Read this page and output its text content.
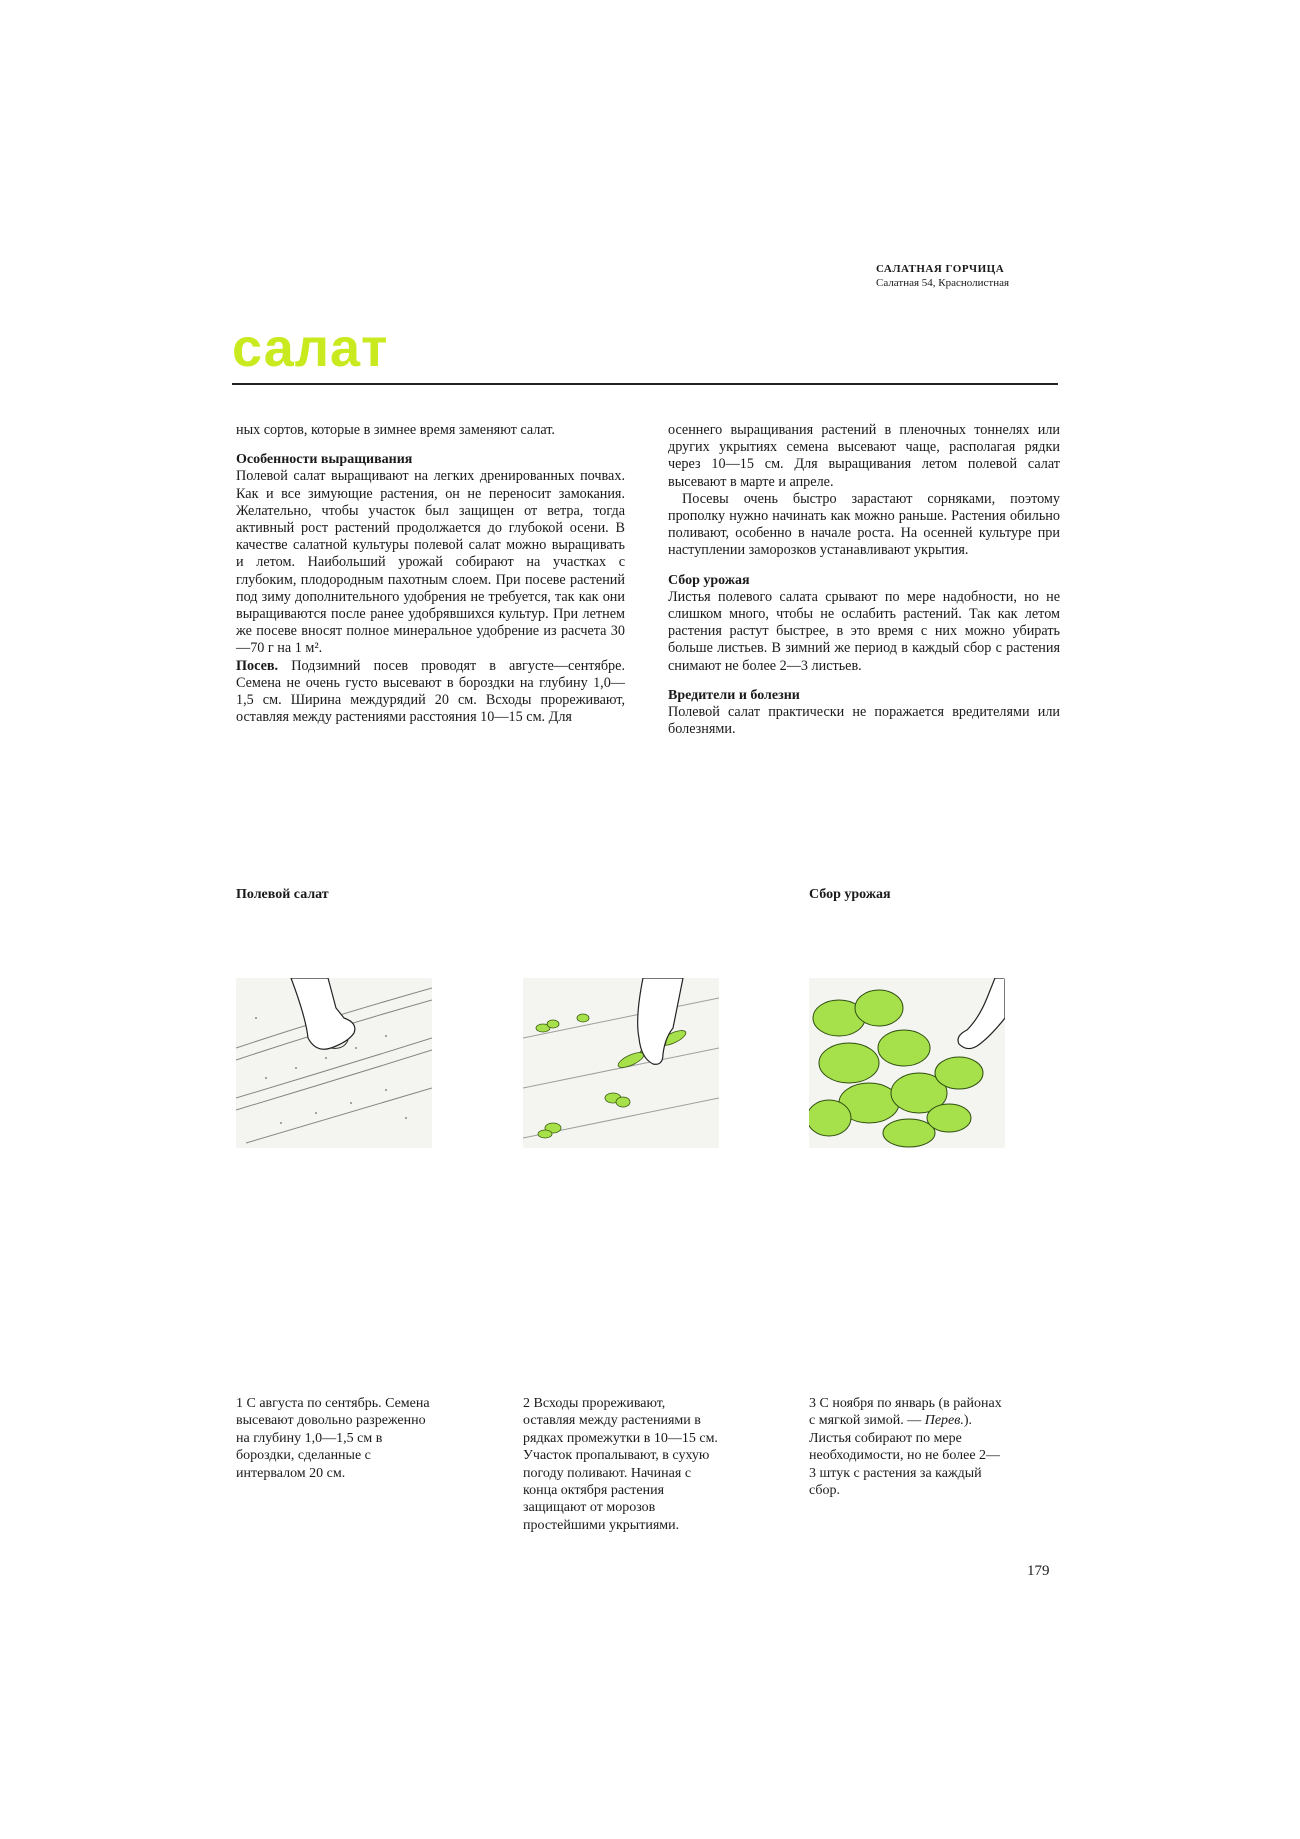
САЛАТНАЯ ГОРЧИЦА
Салатная 54, Краснолистная
салат

ных сортов, которые в зимнее время заменяют салат.

Особенности выращивания

Полевой салат выращивают на легких дренированных почвах. Как и все зимующие растения, он не переносит замокания. Желательно, чтобы участок был защищен от ветра, тогда активный рост растений продолжается до глубокой осени. В качестве салатной культуры полевой салат можно выращивать и летом. Наибольший урожай собирают на участках с глубоким, плодородным пахотным слоем. При посеве растений под зиму дополнительного удобрения не требуется, так как они выращиваются после ранее удобрявшихся культур. При летнем же посеве вносят полное минеральное удобрение из расчета 30—70 г на 1 м².

Посев. Подзимний посев проводят в августе—сентябре. Семена не очень густо высевают в бороздки на глубину 1,0—1,5 см. Ширина междурядий 20 см. Всходы прореживают, оставляя между растениями расстояния 10—15 см. Для

осеннего выращивания растений в пленочных тоннелях или других укрытиях семена высевают чаще, располагая рядки через 10—15 см. Для выращивания летом полевой салат высевают в марте и апреле.

Посевы очень быстро зарастают сорняками, поэтому прополку нужно начинать как можно раньше. Растения обильно поливают, особенно в начале роста. На осенней культуре при наступлении заморозков устанавливают укрытия.

Сбор урожая

Листья полевого салата срывают по мере надобности, но не слишком много, чтобы не ослабить растений. Так как летом растения растут быстрее, в это время с них можно убирать больше листьев. В зимний же период в каждый сбор с растения снимают не более 2—3 листьев.

Вредители и болезни

Полевой салат практически не поражается вредителями или болезнями.

Полевой салат	Сбор урожая
1 С августа по сентябрь. Семена высевают довольно разреженно на глубину 1,0—1,5 см в бороздки, сделанные с интервалом 20 см.
2 Всходы прореживают, оставляя между растениями в рядках промежутки в 10—15 см. Участок пропалывают, в сухую погоду поливают. Начиная с конца октября растения защищают от морозов простейшими укрытиями.
3 С ноября по январь (в районах с мягкой зимой. — Перев.). Листья собирают по мере необходимости, но не более 2—3 штук с растения за каждый сбор.
179
